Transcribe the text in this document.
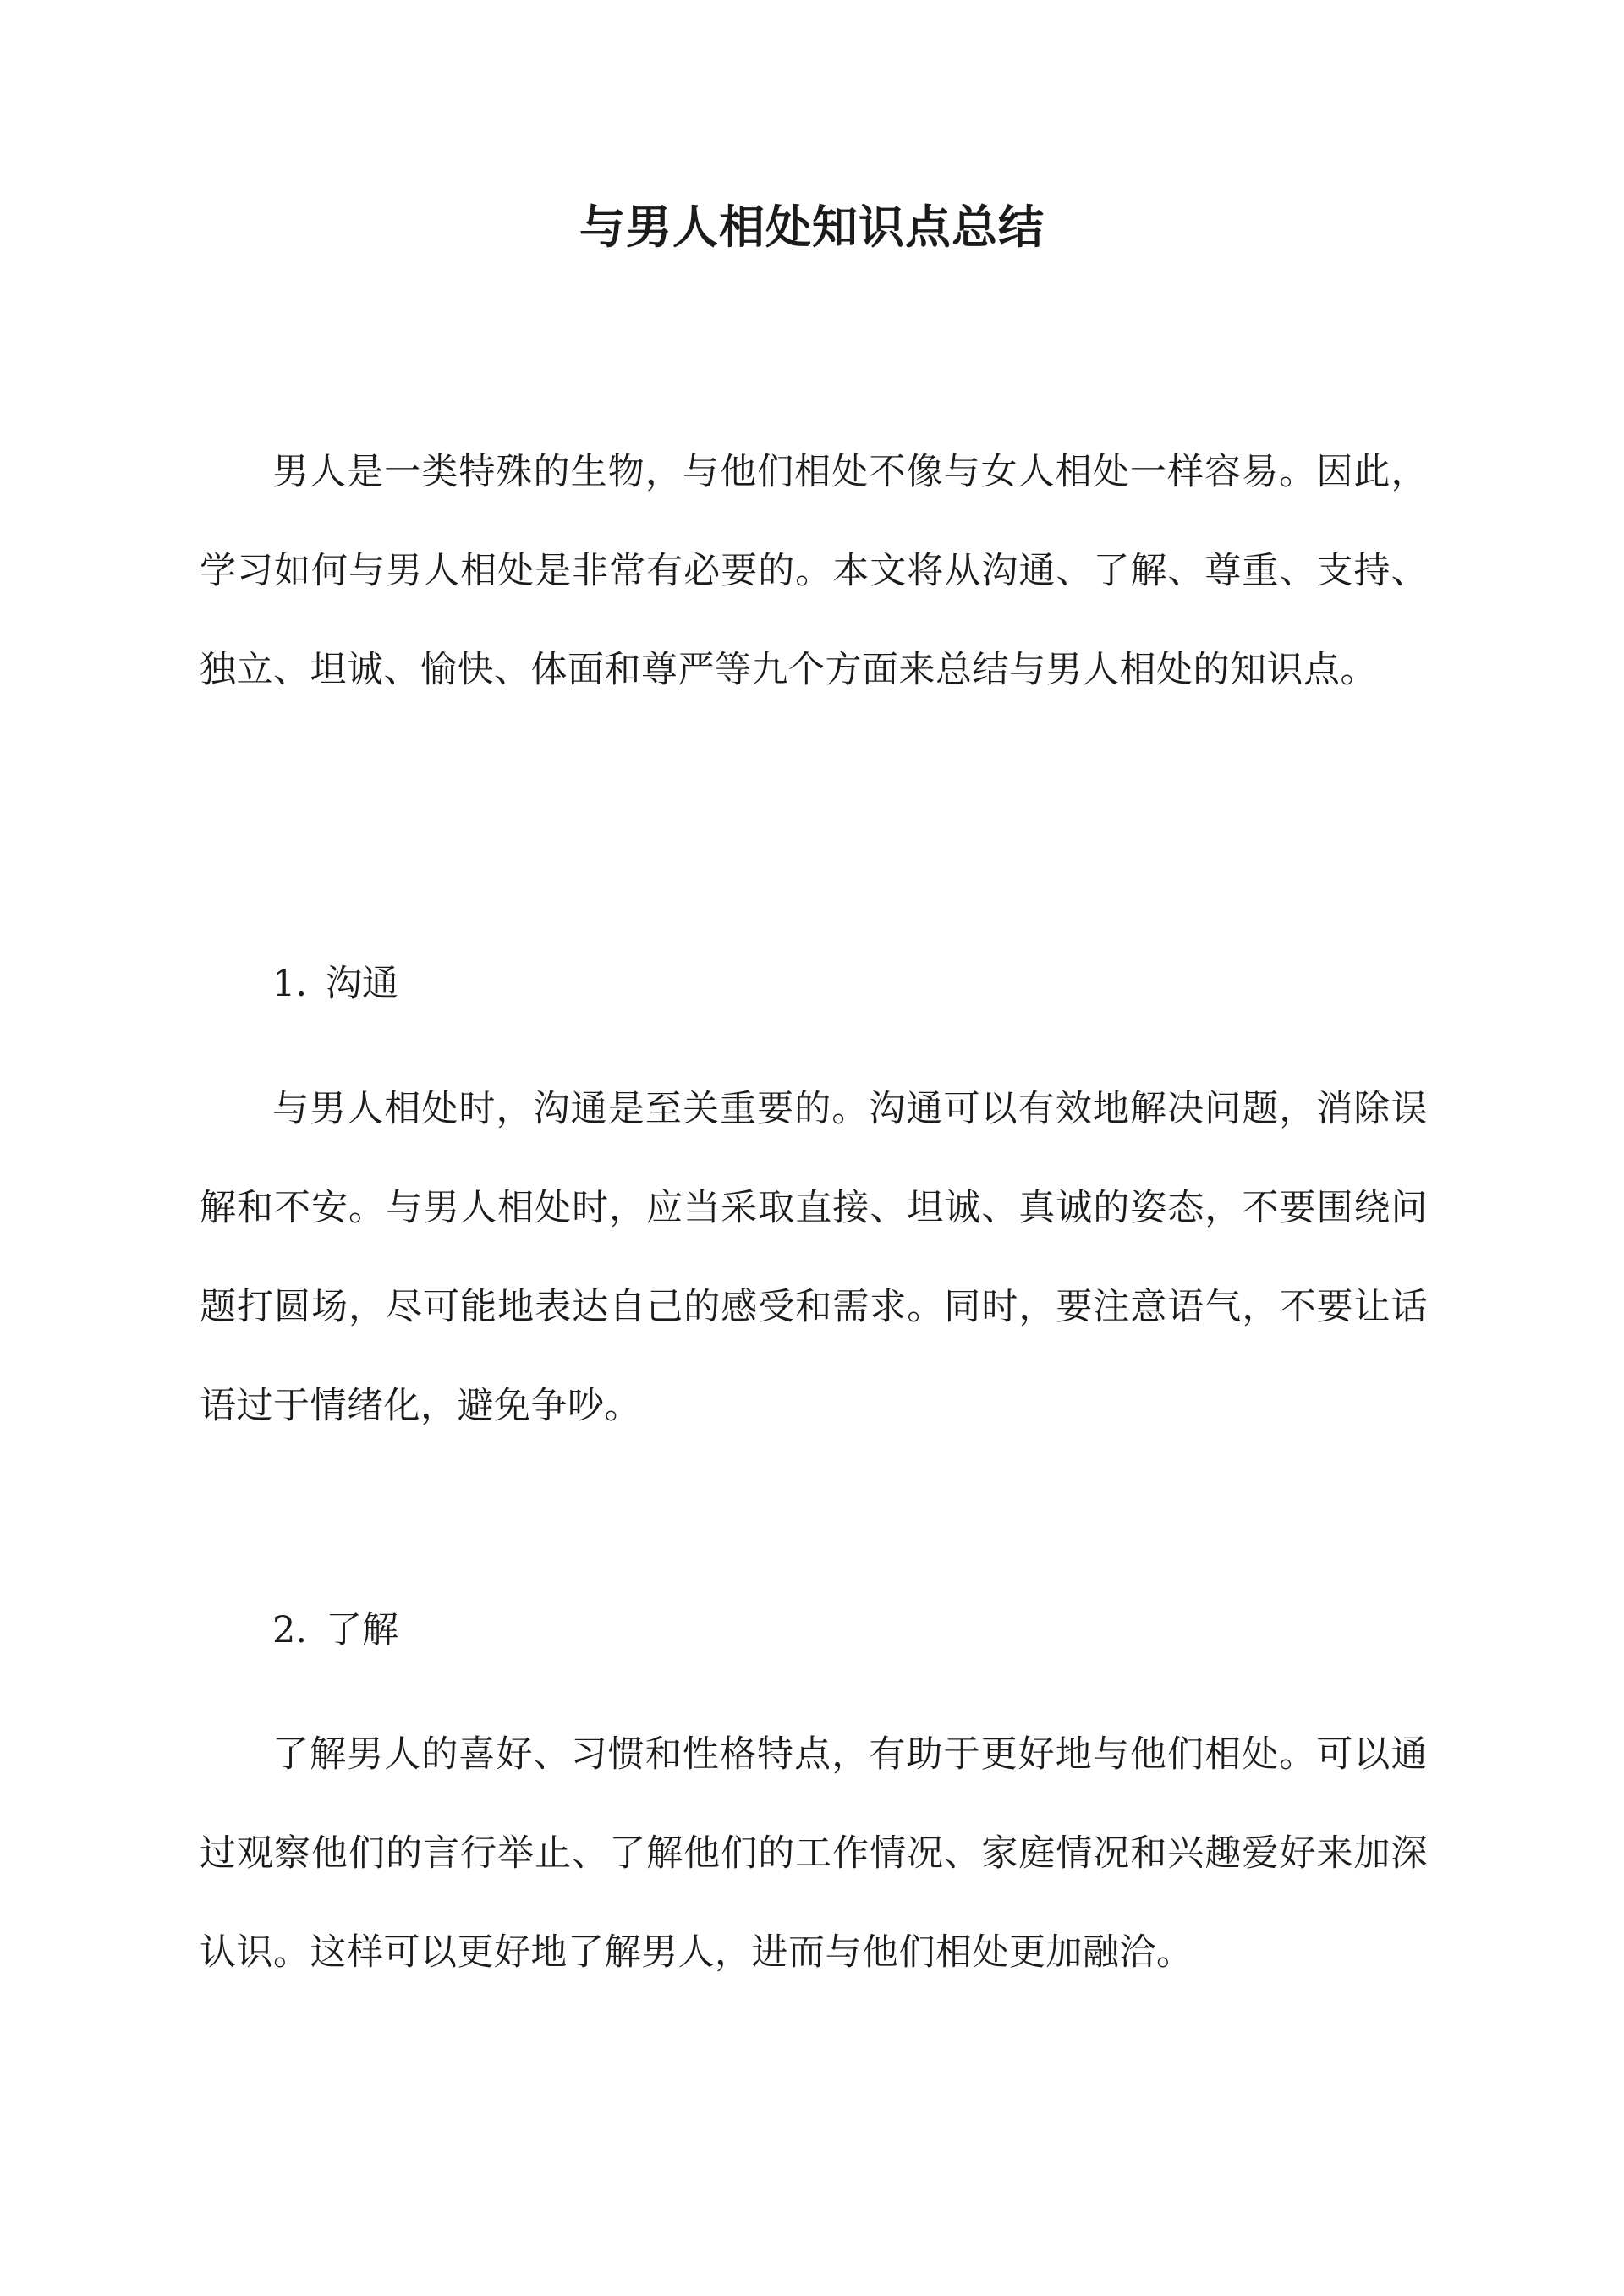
与男人相处知识点总结

男人是一类特殊的生物，与他们相处不像与女人相处一样容易。因此，学习如何与男人相处是非常有必要的。本文将从沟通、了解、尊重、支持、独立、坦诚、愉快、体面和尊严等九个方面来总结与男人相处的知识点。

1. 沟通

与男人相处时，沟通是至关重要的。沟通可以有效地解决问题，消除误解和不安。与男人相处时，应当采取直接、坦诚、真诚的姿态，不要围绕问题打圆场，尽可能地表达自己的感受和需求。同时，要注意语气，不要让话语过于情绪化，避免争吵。

2. 了解

了解男人的喜好、习惯和性格特点，有助于更好地与他们相处。可以通过观察他们的言行举止、了解他们的工作情况、家庭情况和兴趣爱好来加深认识。这样可以更好地了解男人，进而与他们相处更加融洽。
